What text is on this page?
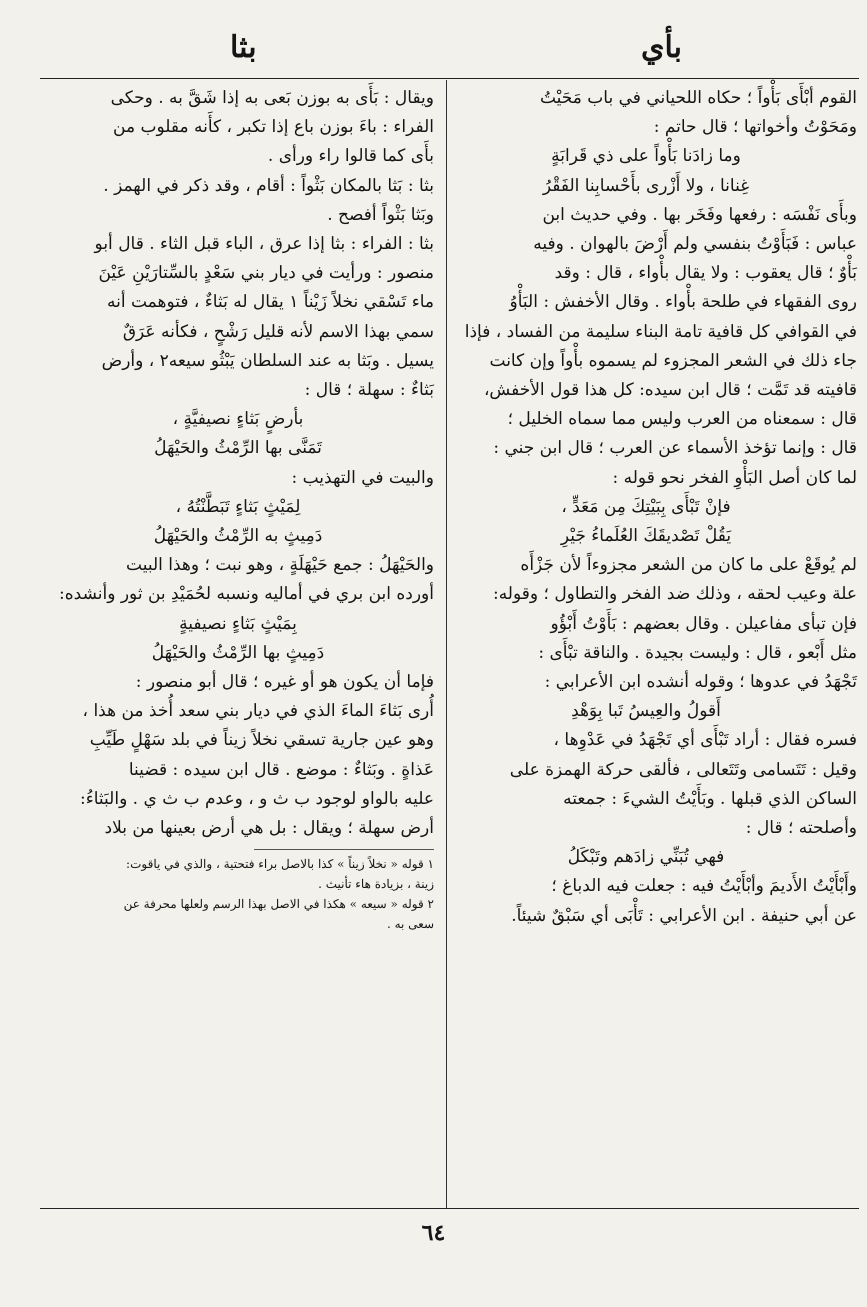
بأي
بثا

القوم أبْأَى بَأْواً ؛ حكاه اللحياني في باب مَحَيْتُ

ومَحَوْتُ وأخواتها ؛ قال حاتم :

وما زادَنا بَأْواً على ذي قَرابَةٍ

غِنانا ، ولا أَزْرى بأَحْسابِنا الفَقْرُ

وبأَى نَفْسَه : رفعها وفَخَر بها . وفي حديث ابن

عباس : فَبَأَوْتُ بنفسي ولم أَرْضَ بالهوان . وفيه

بَأْوٌ ؛ قال يعقوب : ولا يقال بأْواء ، قال : وقد

روى الفقهاء في طلحة بأْواء . وقال الأخفش : البَأْوُ

في القوافي كل قافية تامة البناء سليمة من الفساد ، فإذا

جاء ذلك في الشعر المجزوء لم يسموه بأْواً وإن كانت

قافيته قد تَمَّت ؛ قال ابن سيده: كل هذا قول الأخفش،

قال : سمعناه من العرب وليس مما سماه الخليل ؛

قال : وإنما تؤخذ الأسماء عن العرب ؛ قال ابن جني :

لما كان أصل البَأْوِ الفخر نحو قوله :

فإنْ تَبْأَى بِبَيْتِكَ مِن مَعَدٍّ ،

يَقُلْ تَصْديقَكَ العُلَماءُ جَيْرِ

لم يُوقَعْ على ما كان من الشعر مجزوءاً لأن جَزْأَه

علة وعيب لحقه ، وذلك ضد الفخر والتطاول ؛ وقوله:

فإن تبأى مفاعيلن . وقال بعضهم : بَأَوْتُ أَبْؤُو

مثل أَبْعو ، قال : وليست بجيدة . والناقة تبْأَى :

تَجْهَدُ في عدوها ؛ وقوله أنشده ابن الأعرابي :

أَقولُ والعِيسُ تَبا بِوَهْدِ

فسره فقال : أراد تَبْأَى أي تَجْهَدُ في عَدْوِها ،

وقيل : تَتَسامى وتَتَعالى ، فألقى حركة الهمزة على

الساكن الذي قبلها . وبَأَيْتُ الشيءَ : جمعته

وأصلحته ؛ قال :

فهي تُبَنِّي زادَهم وتَبْكَلُ

وأَبْأَيْتُ الأَديمَ وأبْأَيْتُ فيه : جعلت فيه الدباغ ؛

عن أبي حنيفة . ابن الأعرابي : تَأْبَى أي سَبْقٌ شيئاً.

ويقال : بَأَى به بوزن بَعى به إذا شَقَّ به . وحكى

الفراء : باءَ بوزن باع إذا تكبر ، كأَنه مقلوب من

بأَى كما قالوا راء ورأى .

بثا : بَثا بالمكان بَثْواً : أقام ، وقد ذكر في الهمز .

وبَثا بَثْواً أفصح .

بثا : الفراء : بثا إذا عرق ، الباء قبل الثاء . قال أبو

منصور : ورأيت في ديار بني سَعْدٍ بالسِّتارَيْنِ عَيْنَ

ماء تَسْقي نخلاً زَيْناً ١ يقال له بَثاءٌ ، فتوهمت أنه

سمي بهذا الاسم لأنه قليل رَشْحٍ ، فكأنه عَرَقٌ

يسيل . وبَثا به عند السلطان يَبْثُو سيعه٢ ، وأرض

بَثاءٌ : سهلة ؛ قال :

بأرضٍ بَثاءٍ نصيفيَّةٍ ،

تَمَنَّى بها الرِّمْثُ والحَيْهَلُ

والبيت في التهذيب :

لِمَيْثٍ بَثاءٍ تَبَطَّنْتُهُ ،

دَمِيثٍ به الرِّمْثُ والحَيْهَلُ

والحَيْهَلُ : جمع حَيْهَلَةٍ ، وهو نبت ؛ وهذا البيت

أورده ابن بري في أماليه ونسبه لحُمَيْدِ بن ثور وأنشده:

بِمَيْثٍ بَثاءٍ نصيفيةٍ

دَمِيثٍ بها الرِّمْثُ والحَيْهَلُ

فإما أن يكون هو أو غيره ؛ قال أبو منصور :

أُرى بَثاءَ الماءَ الذي في ديار بني سعد أُخذ من هذا ،

وهو عين جارية تسقي نخلاً زيناً في بلد سَهْلٍ طَيِّبِ

عَذاةٍ . وبَثاءٌ : موضع . قال ابن سيده : قضينا

عليه بالواو لوجود ب ث و ، وعدم ب ث ي . والبَثاءُ:

أرض سهلة ؛ ويقال : بل هي أرض بعينها من بلاد

١ قوله « نخلاً زيناً » كذا بالاصل براء فتحتية ، والذي في ياقوت:

زينة ، بزيادة هاء تأنيث .

٢ قوله « سيعه » هكذا في الاصل بهذا الرسم ولعلها محرفة عن

سعى به .

٦٤
